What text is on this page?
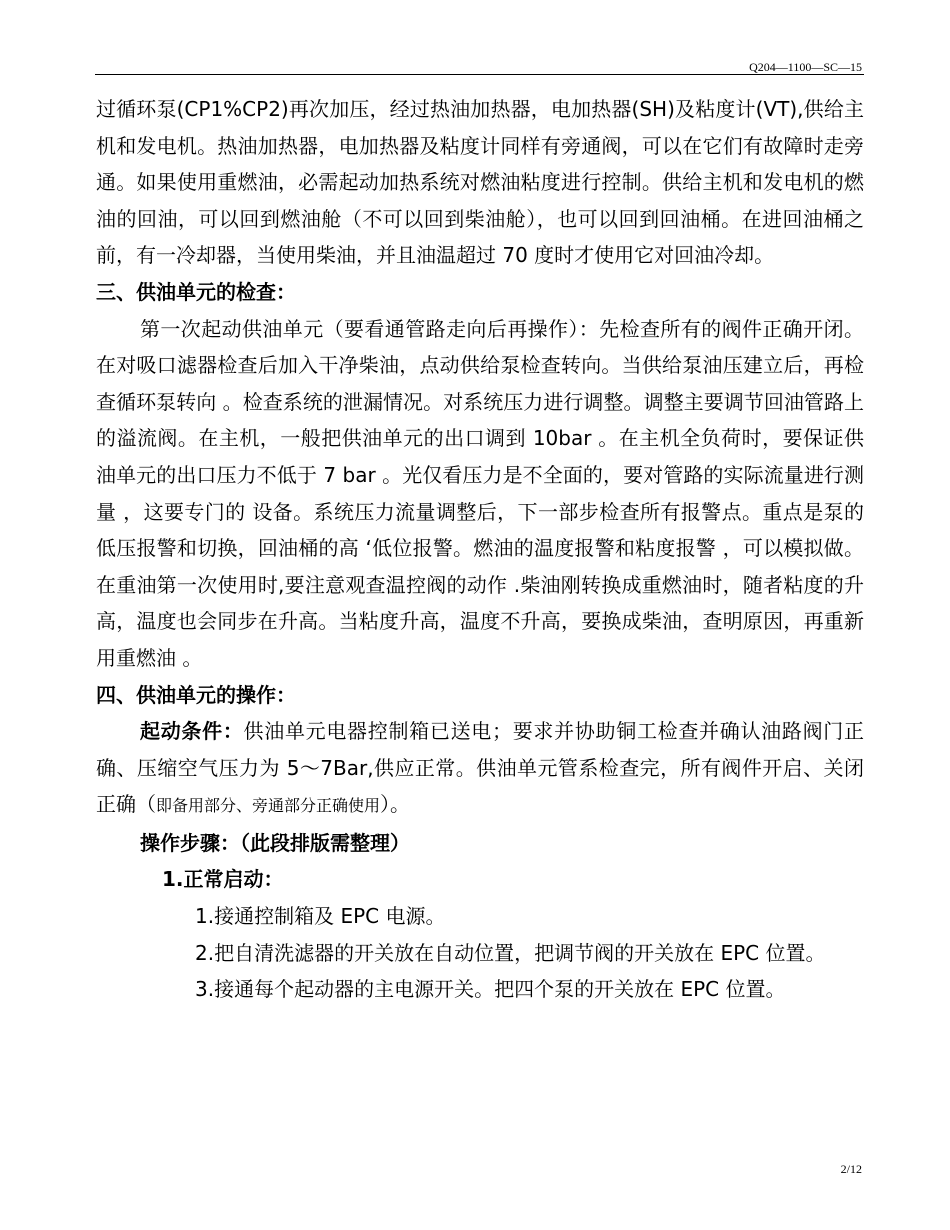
Q204—1100—SC—15

过循环泵(CP1%CP2)再次加压，经过热油加热器，电加热器(SH)及粘度计(VT),供给主机和发电机。热油加热器，电加热器及粘度计同样有旁通阀，可以在它们有故障时走旁通。如果使用重燃油，必需起动加热系统对燃油粘度进行控制。供给主机和发电机的燃油的回油，可以回到燃油舱（不可以回到柴油舱），也可以回到回油桶。在进回油桶之前，有一冷却器，当使用柴油，并且油温超过 70 度时才使用它对回油冷却。

三、供油单元的检查：

第一次起动供油单元（要看通管路走向后再操作）：先检查所有的阀件正确开闭。在对吸口滤器检查后加入干净柴油，点动供给泵检查转向。当供给泵油压建立后，再检查循环泵转向 。检查系统的泄漏情况。对系统压力进行调整。调整主要调节回油管路上的溢流阀。在主机，一般把供油单元的出口调到 10bar 。在主机全负荷时，要保证供油单元的出口压力不低于 7 bar 。光仅看压力是不全面的，要对管路的实际流量进行测量 ，这要专门的 设备。系统压力流量调整后，下一部步检查所有报警点。重点是泵的低压报警和切换，回油桶的高 ‘低位报警。燃油的温度报警和粘度报警 ，可以模拟做。 在重油第一次使用时,要注意观查温控阀的动作 .柴油刚转换成重燃油时，随者粘度的升高，温度也会同步在升高。当粘度升高，温度不升高，要换成柴油，查明原因，再重新用重燃油 。

四、供油单元的操作：

起动条件：供油单元电器控制箱已送电；要求并协助铜工检查并确认油路阀门正确、压缩空气压力为 5～7Bar,供应正常。供油单元管系检查完，所有阀件开启、关闭正确（即备用部分、旁通部分正确使用）。

操作步骤：（此段排版需整理）

1.正常启动：

1.接通控制箱及 EPC 电源。

2.把自清洗滤器的开关放在自动位置，把调节阀的开关放在 EPC 位置。

3.接通每个起动器的主电源开关。把四个泵的开关放在 EPC 位置。

2/12
